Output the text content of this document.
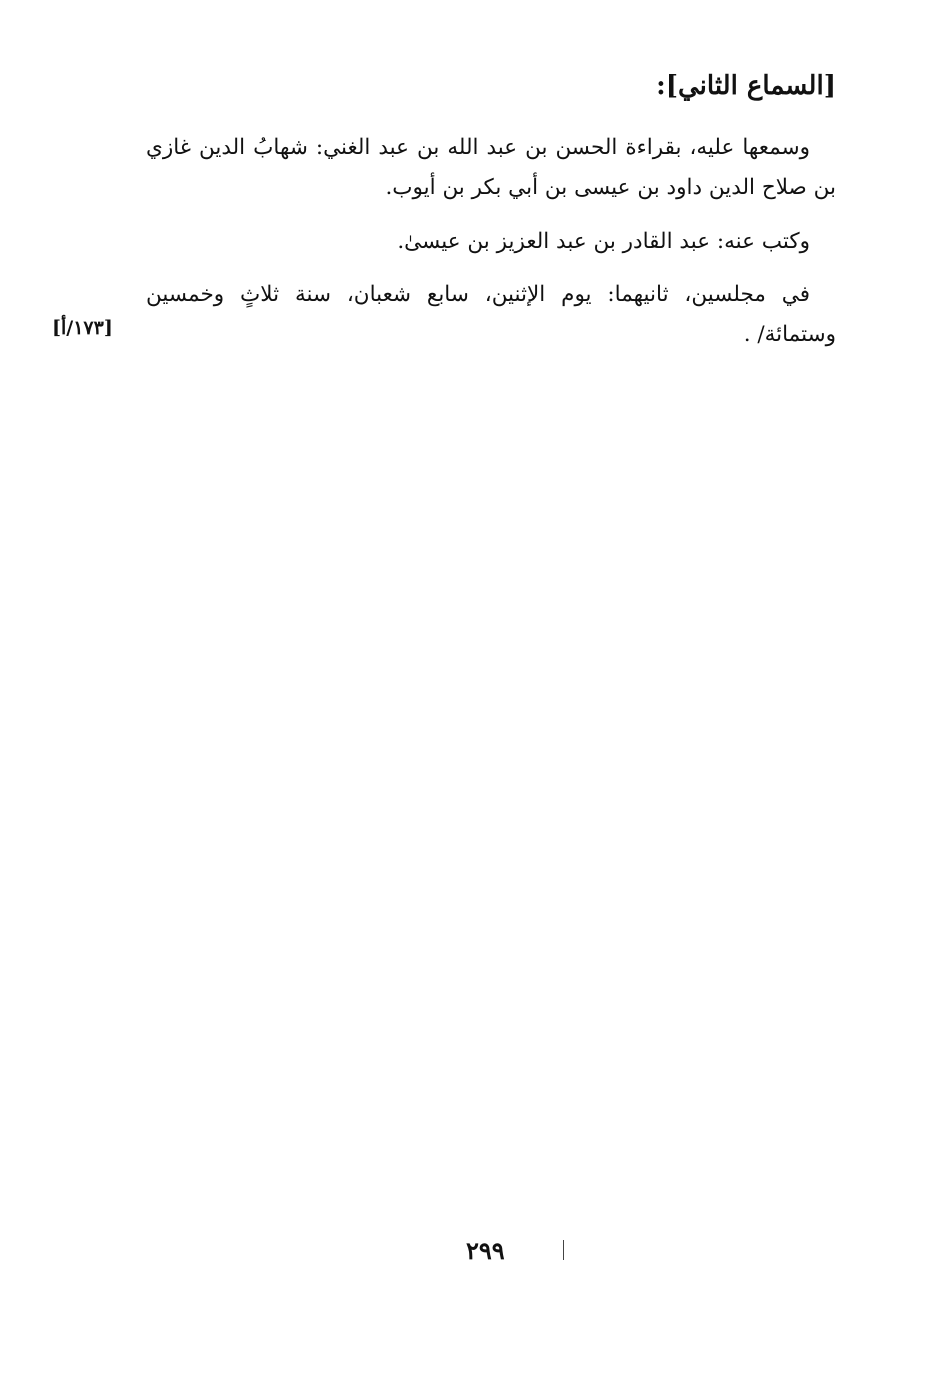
[السماع الثاني]:
وسمعها عليه، بقراءة الحسن بن عبد الله بن عبد الغني: شهابُ الدين غازي بن صلاح الدين داود بن عيسى بن أبي بكر بن أيوب.
وكتب عنه: عبد القادر بن عبد العزيز بن عيسىٰ.
في مجلسين، ثانيهما: يوم الإثنين، سابع شعبان، سنة ثلاثٍ وخمسين وستمائة/ .
[١٧٣/أ]
٢٩٩
